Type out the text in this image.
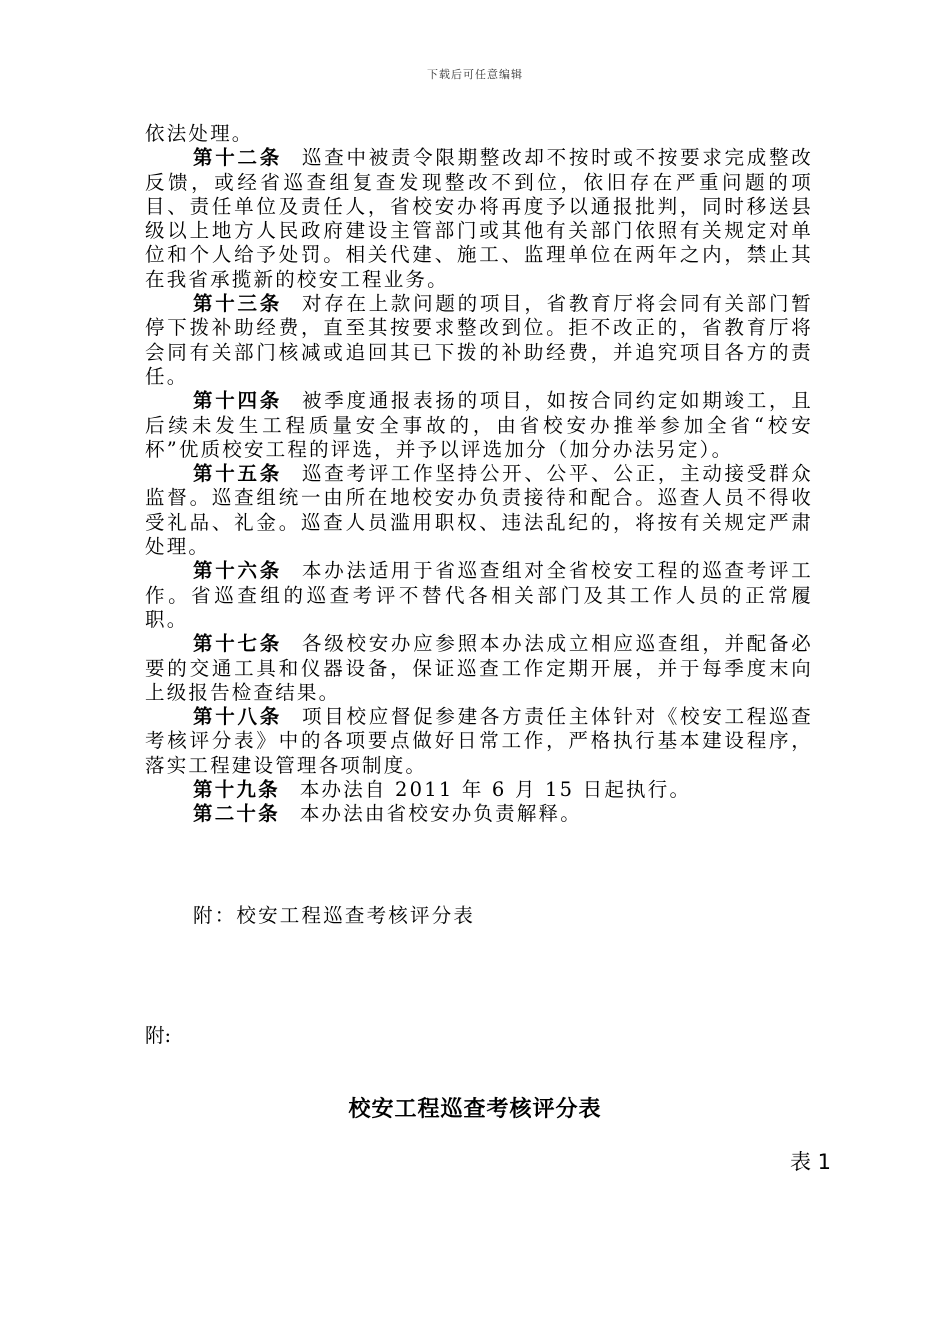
下载后可任意编辑

依法处理。

第十二条 巡查中被责令限期整改却不按时或不按要求完成整改反馈，或经省巡查组复查发现整改不到位，依旧存在严重问题的项目、责任单位及责任人，省校安办将再度予以通报批判，同时移送县级以上地方人民政府建设主管部门或其他有关部门依照有关规定对单位和个人给予处罚。相关代建、施工、监理单位在两年之内，禁止其在我省承揽新的校安工程业务。

第十三条 对存在上款问题的项目，省教育厅将会同有关部门暂停下拨补助经费，直至其按要求整改到位。拒不改正的，省教育厅将会同有关部门核减或追回其已下拨的补助经费，并追究项目各方的责任。

第十四条 被季度通报表扬的项目，如按合同约定如期竣工，且后续未发生工程质量安全事故的，由省校安办推举参加全省“校安杯”优质校安工程的评选，并予以评选加分（加分办法另定）。

第十五条 巡查考评工作坚持公开、公平、公正，主动接受群众监督。巡查组统一由所在地校安办负责接待和配合。巡查人员不得收受礼品、礼金。巡查人员滥用职权、违法乱纪的，将按有关规定严肃处理。

第十六条 本办法适用于省巡查组对全省校安工程的巡查考评工作。省巡查组的巡查考评不替代各相关部门及其工作人员的正常履职。

第十七条 各级校安办应参照本办法成立相应巡查组，并配备必要的交通工具和仪器设备，保证巡查工作定期开展，并于每季度末向上级报告检查结果。

第十八条 项目校应督促参建各方责任主体针对《校安工程巡查考核评分表》中的各项要点做好日常工作，严格执行基本建设程序，落实工程建设管理各项制度。

第十九条 本办法自 2011 年 6 月 15 日起执行。

第二十条 本办法由省校安办负责解释。

附：校安工程巡查考核评分表
附:
校安工程巡查考核评分表
表 1
